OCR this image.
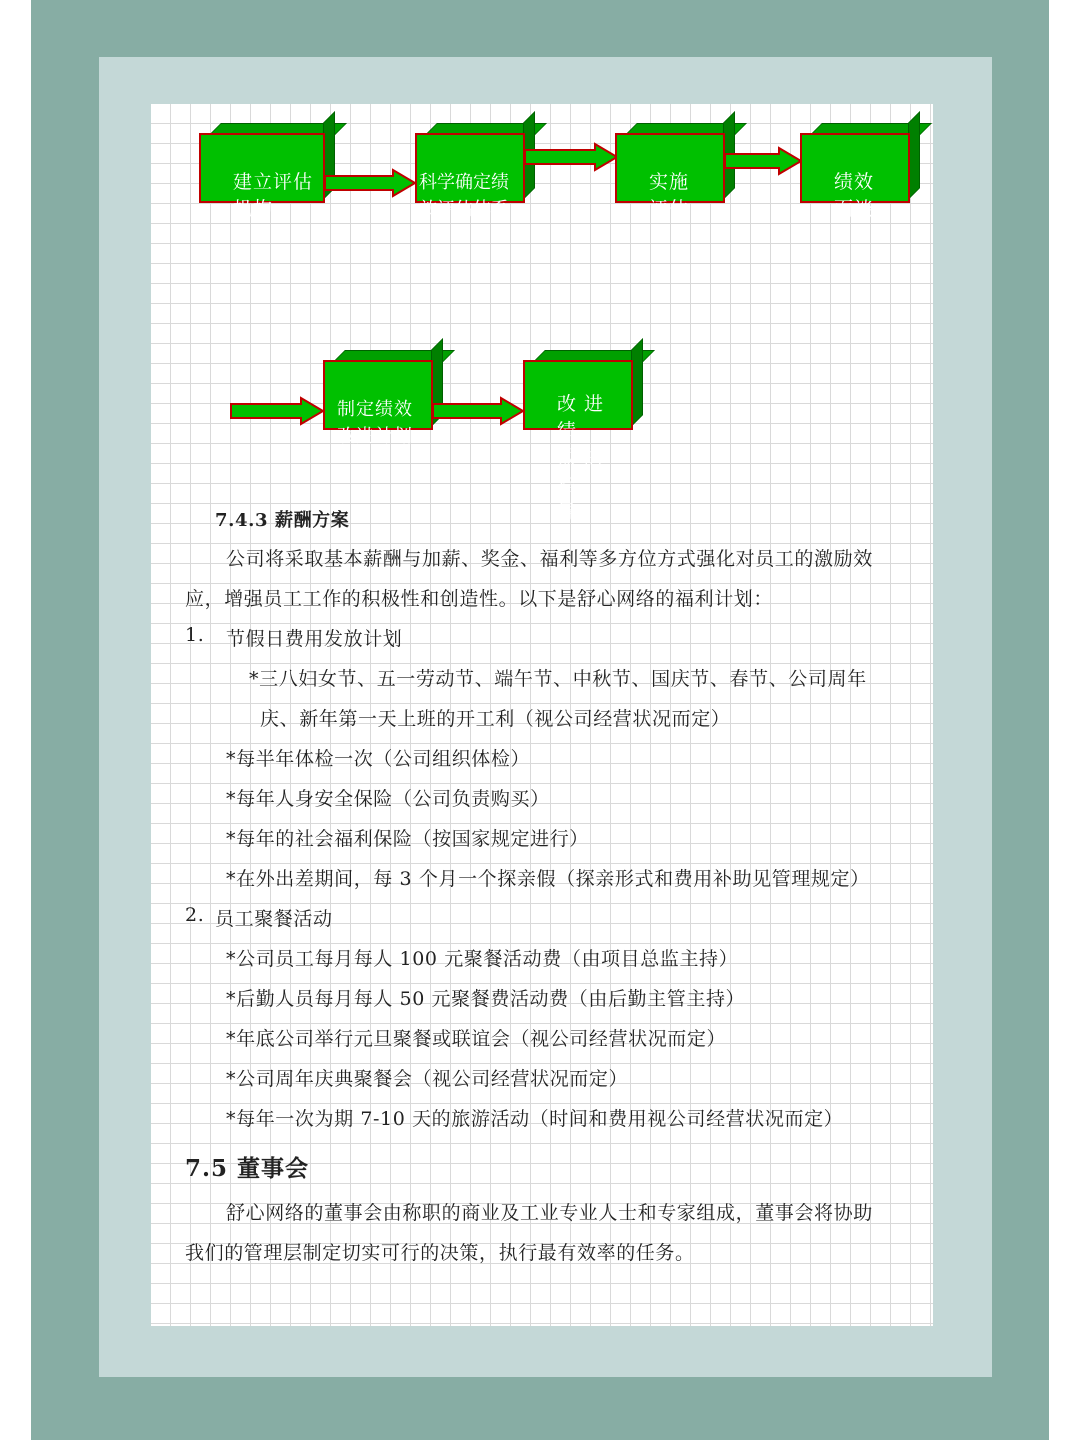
建立评估
机构

科学确定绩
效评估体系

实施
评估

绩效
面谈

制定绩效
改进计划

改 进 绩
效 的 指
导

7.4.3 薪酬方案
公司将采取基本薪酬与加薪、奖金、福利等多方位方式强化对员工的激励效
应，增强员工工作的积极性和创造性。以下是舒心网络的福利计划：
1. 节假日费用发放计划
*三八妇女节、五一劳动节、端午节、中秋节、国庆节、春节、公司周年
庆、新年第一天上班的开工利（视公司经营状况而定）
*每半年体检一次（公司组织体检）
*每年人身安全保险（公司负责购买）
*每年的社会福利保险（按国家规定进行）
*在外出差期间，每 3 个月一个探亲假（探亲形式和费用补助见管理规定）
2. 员工聚餐活动
*公司员工每月每人 100 元聚餐活动费（由项目总监主持）
*后勤人员每月每人 50 元聚餐费活动费（由后勤主管主持）
*年底公司举行元旦聚餐或联谊会（视公司经营状况而定）
*公司周年庆典聚餐会（视公司经营状况而定）
*每年一次为期 7-10 天的旅游活动（时间和费用视公司经营状况而定）
7.5 董事会
舒心网络的董事会由称职的商业及工业专业人士和专家组成，董事会将协助
我们的管理层制定切实可行的决策，执行最有效率的任务。
